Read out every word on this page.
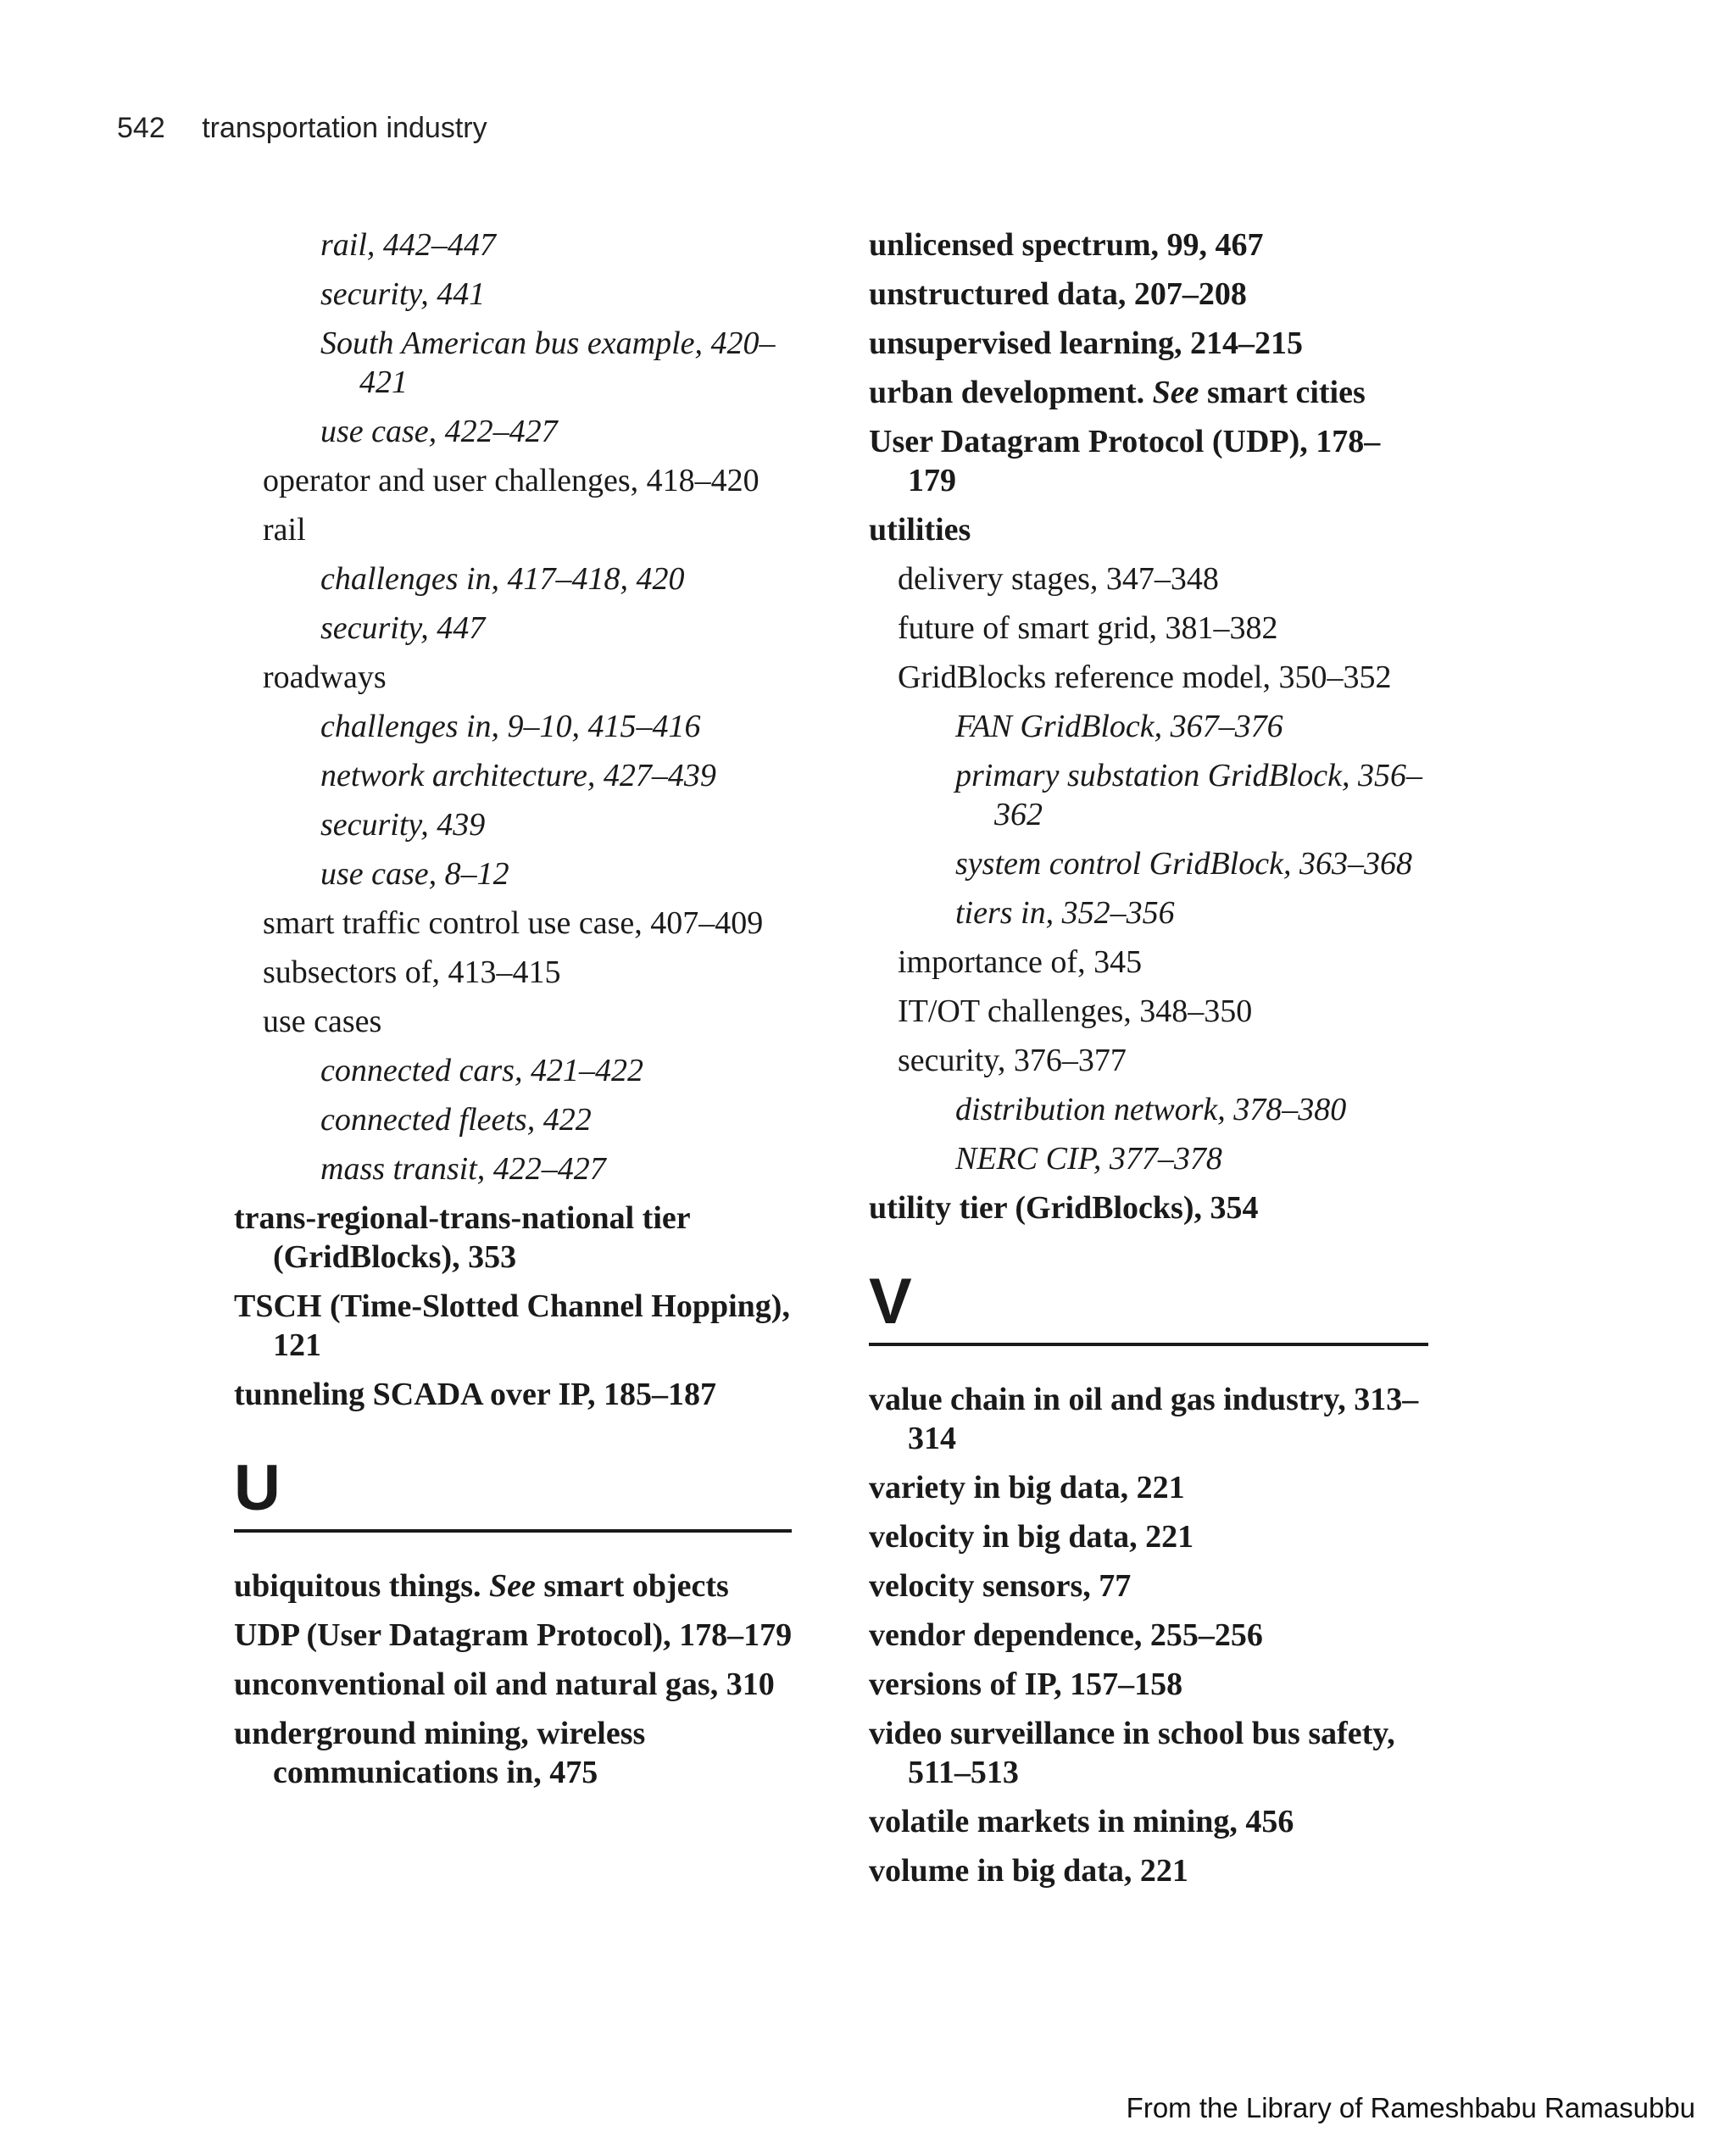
542 transportation industry
rail, 442–447
security, 441
South American bus example, 420–421
use case, 422–427
operator and user challenges, 418–420
rail
challenges in, 417–418, 420
security, 447
roadways
challenges in, 9–10, 415–416
network architecture, 427–439
security, 439
use case, 8–12
smart traffic control use case, 407–409
subsectors of, 413–415
use cases
connected cars, 421–422
connected fleets, 422
mass transit, 422–427
trans-regional-trans-national tier (GridBlocks), 353
TSCH (Time-Slotted Channel Hopping), 121
tunneling SCADA over IP, 185–187
U
ubiquitous things. See smart objects
UDP (User Datagram Protocol), 178–179
unconventional oil and natural gas, 310
underground mining, wireless communications in, 475
unlicensed spectrum, 99, 467
unstructured data, 207–208
unsupervised learning, 214–215
urban development. See smart cities
User Datagram Protocol (UDP), 178–179
utilities
delivery stages, 347–348
future of smart grid, 381–382
GridBlocks reference model, 350–352
FAN GridBlock, 367–376
primary substation GridBlock, 356–362
system control GridBlock, 363–368
tiers in, 352–356
importance of, 345
IT/OT challenges, 348–350
security, 376–377
distribution network, 378–380
NERC CIP, 377–378
utility tier (GridBlocks), 354
V
value chain in oil and gas industry, 313–314
variety in big data, 221
velocity in big data, 221
velocity sensors, 77
vendor dependence, 255–256
versions of IP, 157–158
video surveillance in school bus safety, 511–513
volatile markets in mining, 456
volume in big data, 221
From the Library of Rameshbabu Ramasubbu
